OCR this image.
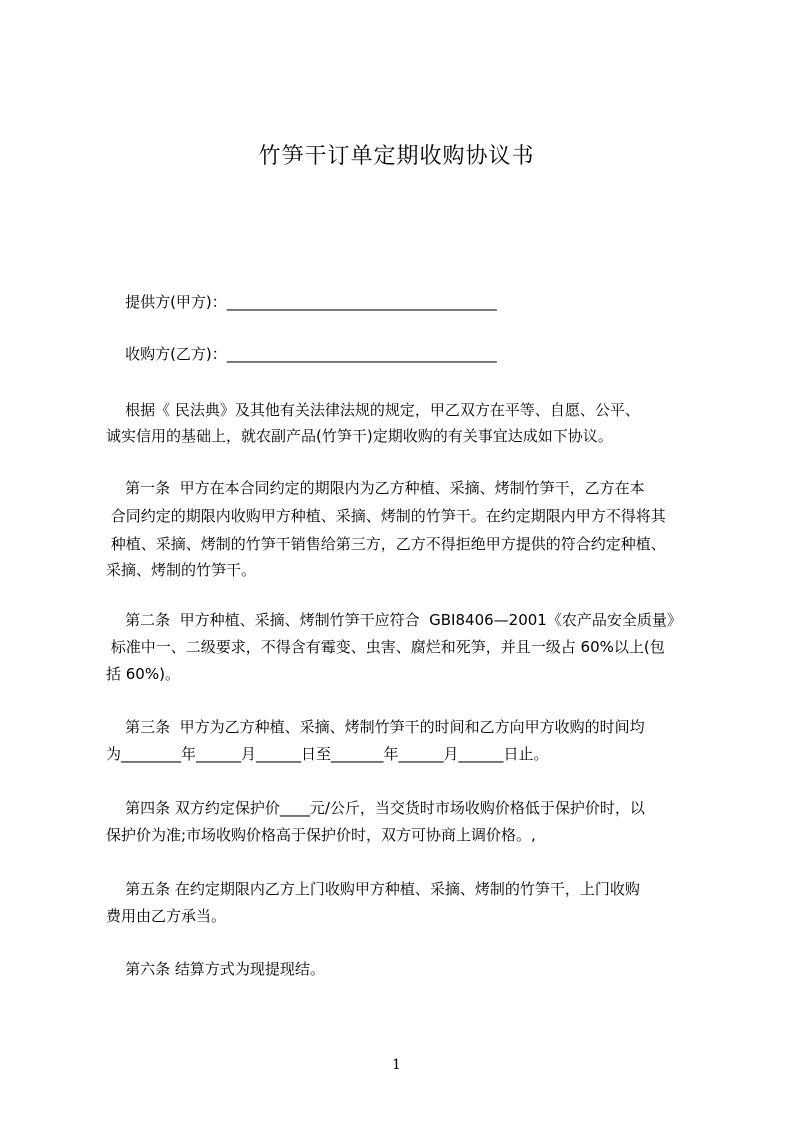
竹笋干订单定期收购协议书
提供方(甲方)：____________________________________
收购方(乙方)：____________________________________
根据《 民法典》及其他有关法律法规的规定，甲乙双方在平等、自愿、公平、
诚实信用的基础上，就农副产品(竹笋干)定期收购的有关事宜达成如下协议。
第一条  甲方在本合同约定的期限内为乙方种植、采摘、烤制竹笋干，乙方在本
合同约定的期限内收购甲方种植、采摘、烤制的竹笋干。在约定期限内甲方不得将其
种植、采摘、烤制的竹笋干销售给第三方，乙方不得拒绝甲方提供的符合约定种植、
采摘、烤制的竹笋干。
第二条  甲方种植、采摘、烤制竹笋干应符合  GBI8406—2001《农产品安全质量》
标准中一、二级要求，不得含有霉变、虫害、腐烂和死笋，并且一级占 60%以上(包
括 60%)。
第三条  甲方为乙方种植、采摘、烤制竹笋干的时间和乙方向甲方收购的时间均
为________年______月______日至_______年______月______日止。
第四条 双方约定保护价____元/公斤，当交货时市场收购价格低于保护价时，以
保护价为准;市场收购价格高于保护价时，双方可协商上调价格。,
第五条 在约定期限内乙方上门收购甲方种植、采摘、烤制的竹笋干，上门收购
费用由乙方承当。
第六条 结算方式为现提现结。
1
